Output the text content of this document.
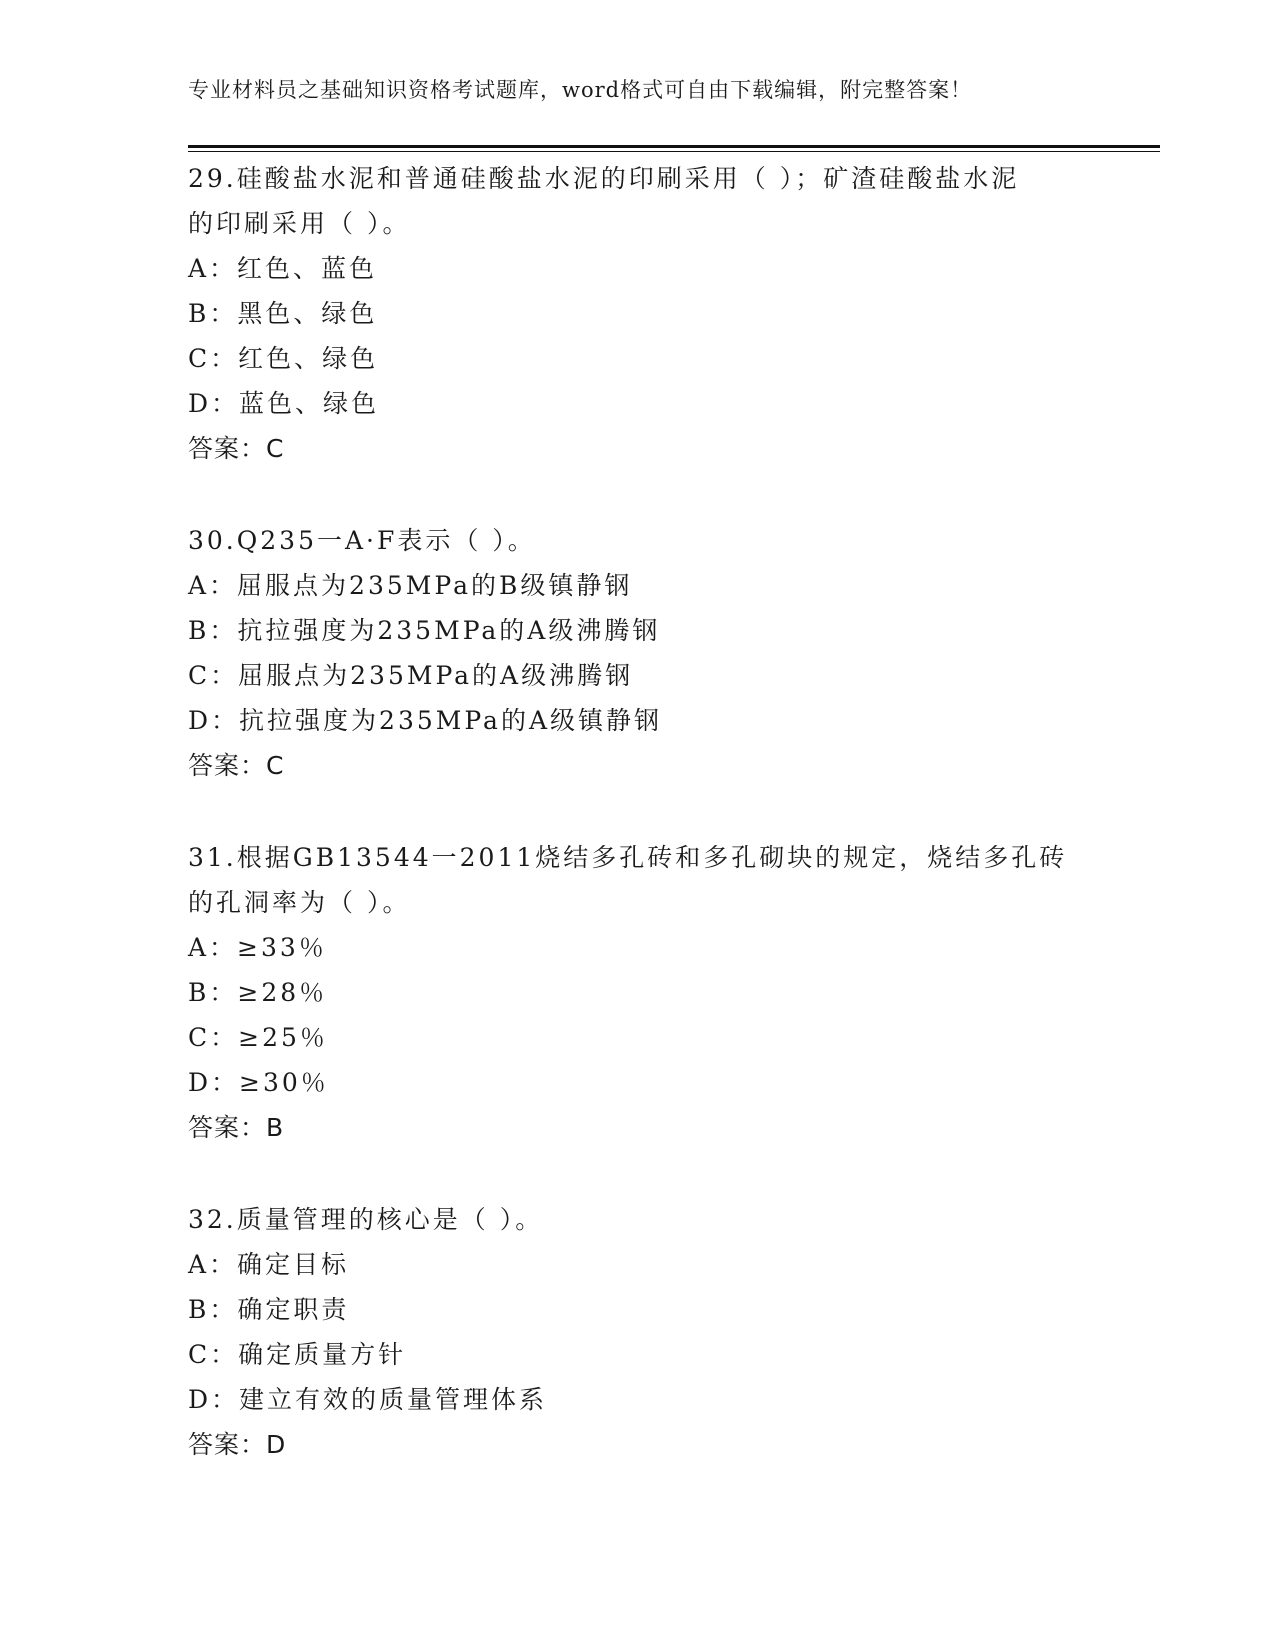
专业材料员之基础知识资格考试题库，word格式可自由下载编辑，附完整答案！

29.硅酸盐水泥和普通硅酸盐水泥的印刷采用（ ）；矿渣硅酸盐水泥
的印刷采用（ ）。

A：红色、蓝色

B：黑色、绿色

C：红色、绿色

D：蓝色、绿色

答案：C

30.Q235一A·F表示（ ）。

A：屈服点为235MPa的B级镇静钢

B：抗拉强度为235MPa的A级沸腾钢

C：屈服点为235MPa的A级沸腾钢

D：抗拉强度为235MPa的A级镇静钢

答案：C

31.根据GB13544一2011烧结多孔砖和多孔砌块的规定，烧结多孔砖
的孔洞率为（ ）。

A：≥33％

B：≥28％

C：≥25％

D：≥30％

答案：B

32.质量管理的核心是（ ）。

A：确定目标

B：确定职责

C：确定质量方针

D：建立有效的质量管理体系

答案：D
